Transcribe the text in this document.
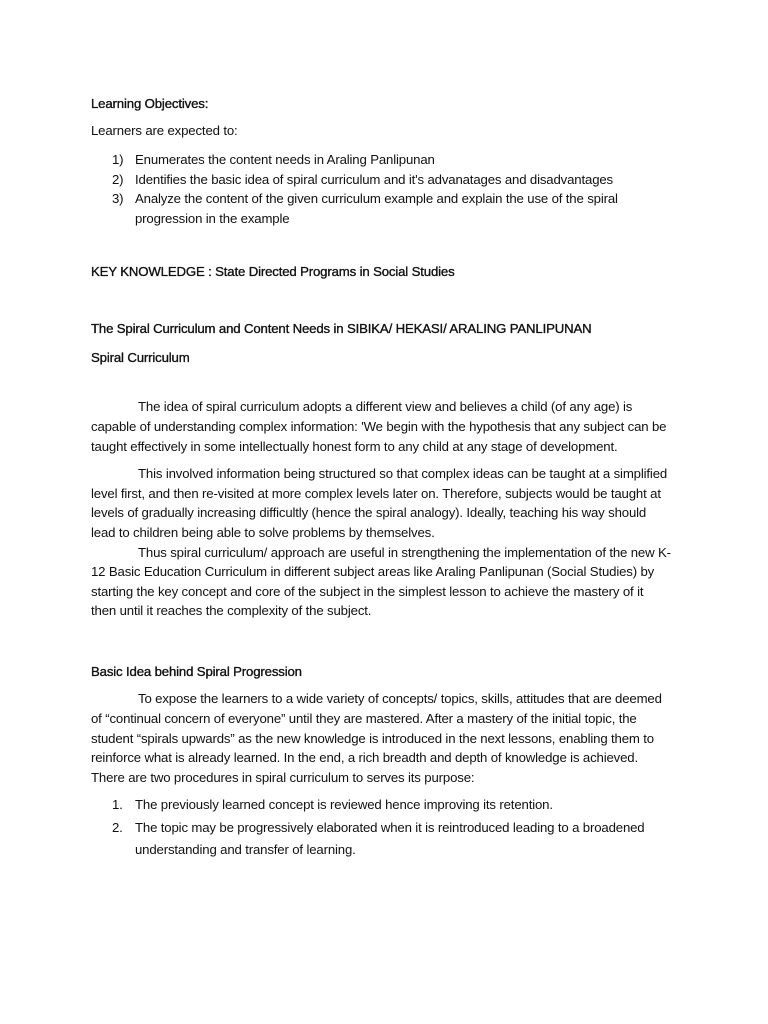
Learning Objectives:
Learners are expected to:
1) Enumerates the content needs in Araling Panlipunan
2) Identifies the basic idea of spiral curriculum and it's advanatages and disadvantages
3) Analyze the content of the given curriculum example and explain the use of the spiral progression in the example
KEY KNOWLEDGE : State Directed Programs in Social Studies
The Spiral Curriculum and Content Needs in SIBIKA/ HEKASI/ ARALING PANLIPUNAN
Spiral Curriculum

The idea of spiral curriculum adopts a different view and believes a child (of any age) is capable of understanding complex information: 'We begin with the hypothesis that any subject can be taught effectively in some intellectually honest form to any child at any stage of development.

This involved information being structured so that complex ideas can be taught at a simplified level first, and then re-visited at more complex levels later on. Therefore, subjects would be taught at levels of gradually increasing difficultly (hence the spiral analogy). Ideally, teaching his way should lead to children being able to solve problems by themselves.

Thus spiral curriculum/ approach are useful in strengthening the implementation of the new K-12 Basic Education Curriculum in different subject areas like Araling Panlipunan (Social Studies) by starting the key concept and core of the subject in the simplest lesson to achieve the mastery of it then until it reaches the complexity of the subject.

Basic Idea behind Spiral Progression

To expose the learners to a wide variety of concepts/ topics, skills, attitudes that are deemed of “continual concern of everyone” until they are mastered. After a mastery of the initial topic, the student “spirals upwards” as the new knowledge is introduced in the next lessons, enabling them to reinforce what is already learned. In the end, a rich breadth and depth of knowledge is achieved. There are two procedures in spiral curriculum to serves its purpose:

1. The previously learned concept is reviewed hence improving its retention.
2. The topic may be progressively elaborated when it is reintroduced leading to a broadened understanding and transfer of learning.
